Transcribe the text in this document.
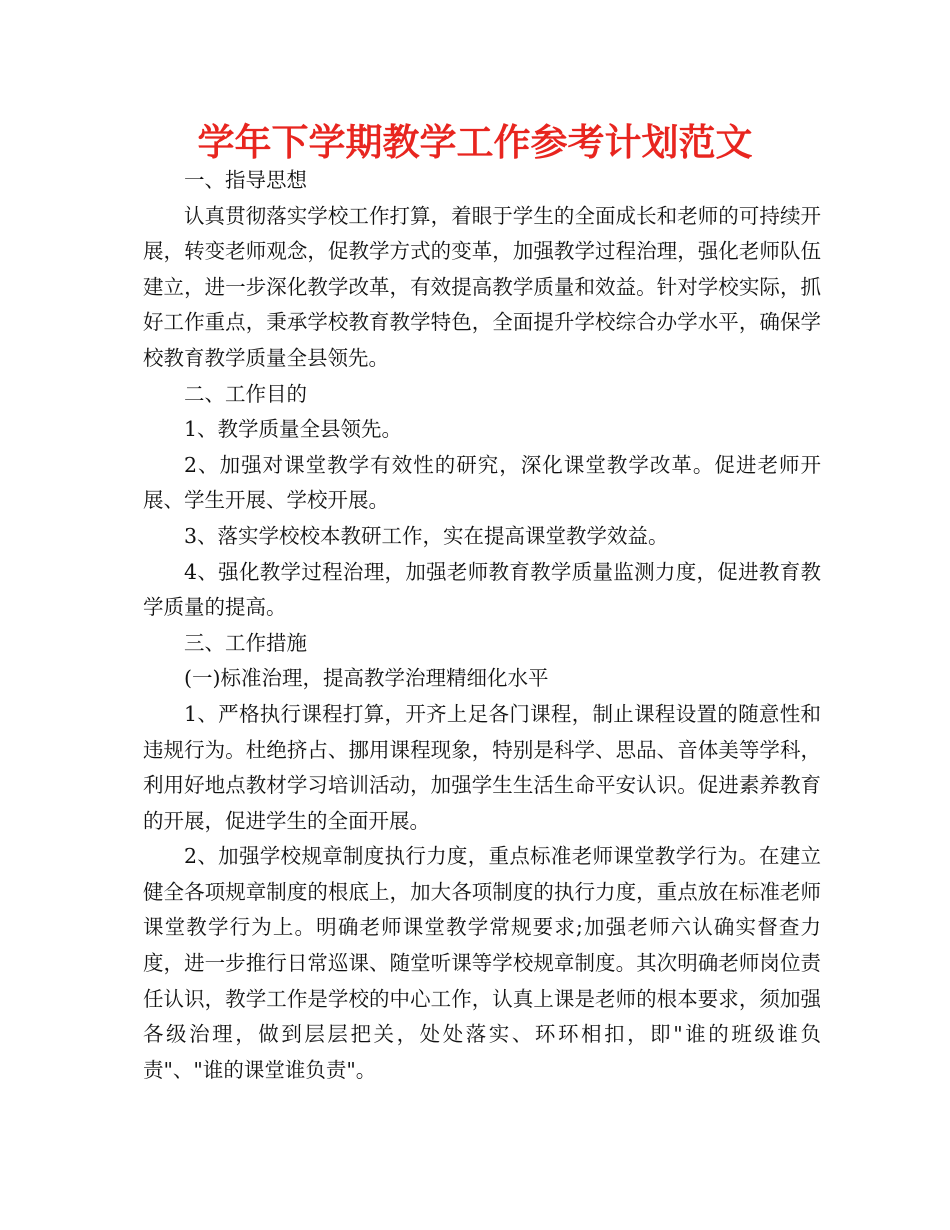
学年下学期教学工作参考计划范文

一、指导思想

认真贯彻落实学校工作打算，着眼于学生的全面成长和老师的可持续开展，转变老师观念，促教学方式的变革，加强教学过程治理，强化老师队伍建立，进一步深化教学改革，有效提高教学质量和效益。针对学校实际，抓好工作重点，秉承学校教育教学特色，全面提升学校综合办学水平，确保学校教育教学质量全县领先。

二、工作目的

1、教学质量全县领先。

2、加强对课堂教学有效性的研究，深化课堂教学改革。促进老师开展、学生开展、学校开展。

3、落实学校校本教研工作，实在提高课堂教学效益。

4、强化教学过程治理，加强老师教育教学质量监测力度，促进教育教学质量的提高。

三、工作措施

(一)标准治理，提高教学治理精细化水平

1、严格执行课程打算，开齐上足各门课程，制止课程设置的随意性和违规行为。杜绝挤占、挪用课程现象，特别是科学、思品、音体美等学科，利用好地点教材学习培训活动，加强学生生活生命平安认识。促进素养教育的开展，促进学生的全面开展。

2、加强学校规章制度执行力度，重点标准老师课堂教学行为。在建立健全各项规章制度的根底上，加大各项制度的执行力度，重点放在标准老师课堂教学行为上。明确老师课堂教学常规要求;加强老师六认确实督查力度，进一步推行日常巡课、随堂听课等学校规章制度。其次明确老师岗位责任认识，教学工作是学校的中心工作，认真上课是老师的根本要求，须加强各级治理，做到层层把关，处处落实、环环相扣，即"谁的班级谁负责"、"谁的课堂谁负责"。
